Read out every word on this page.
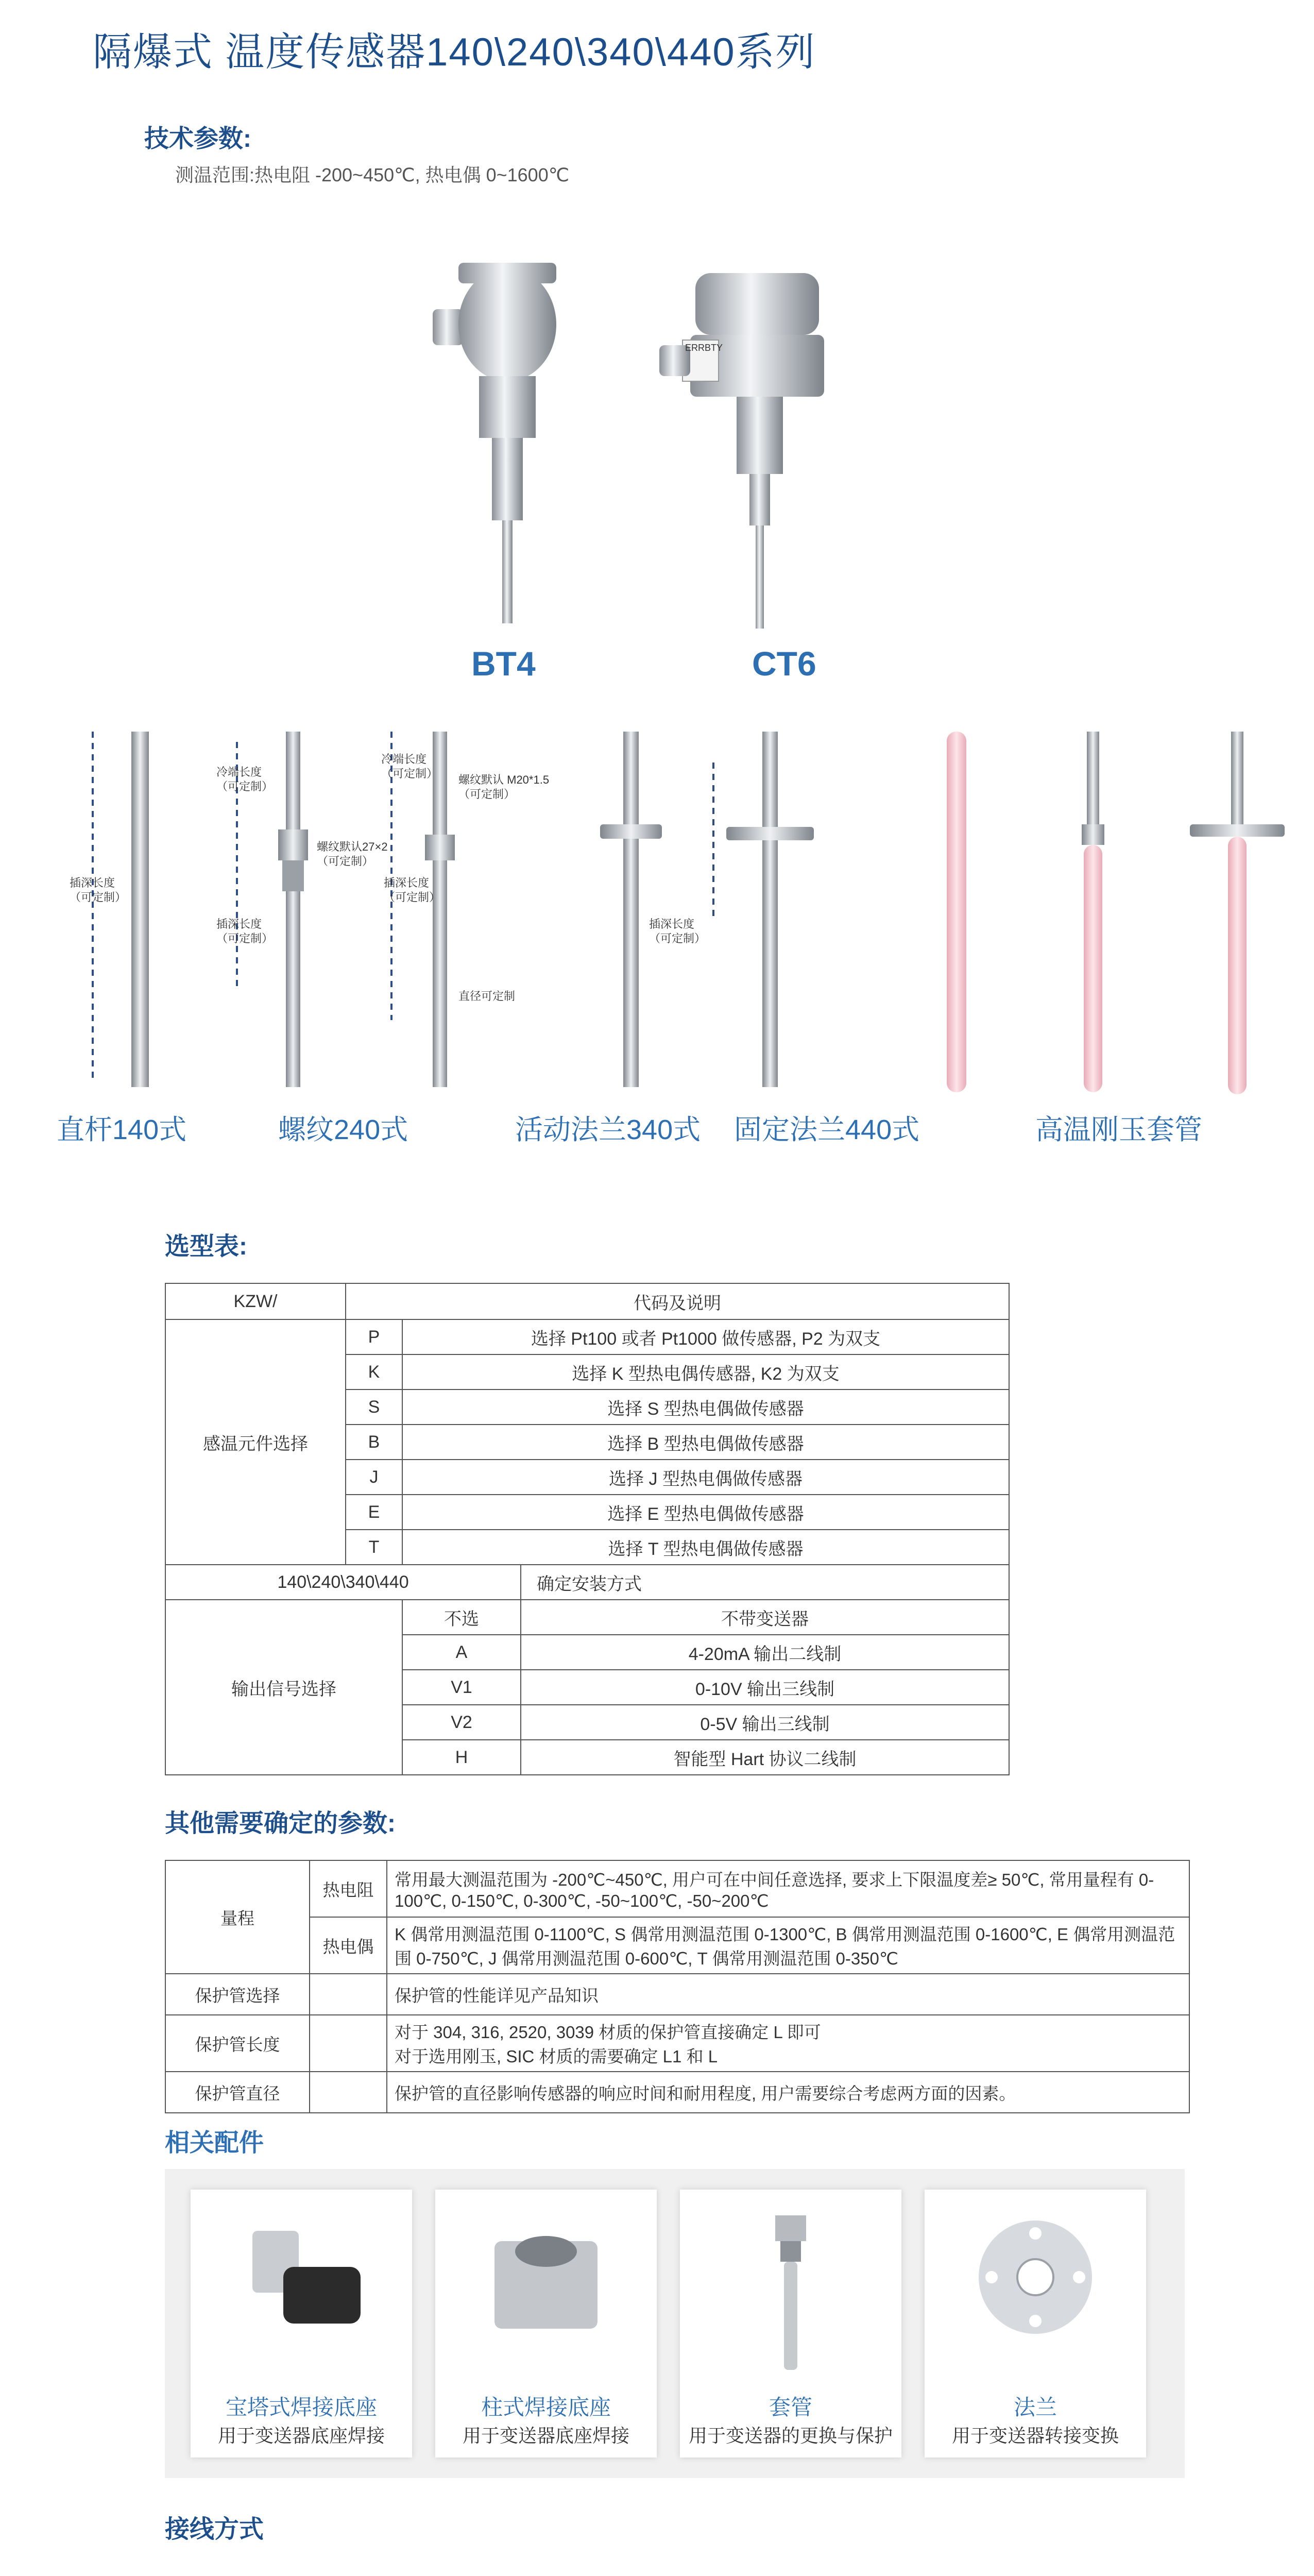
隔爆式 温度传感器140\240\340\440系列
技术参数:
测温范围:热电阻 -200~450℃, 热电偶 0~1600℃
ERRBTY
BT4	CT6
插深长度
（可定制）
冷端长度
（可定制）
插深长度
（可定制）
螺纹默认27×2
（可定制）
冷端长度
（可定制） 螺纹默认 M20*1.5
（可定制）
插深长度
（可定制）
直径可定制
插深长度
（可定制）
直杆140式	螺纹240式	活动法兰340式 固定法兰440式	高温刚玉套管
选型表:
KZW/	代码及说明		
感温元件选择	P	选择 Pt100 或者 Pt1000 做传感器, P2 为双支	
	K	选择 K 型热电偶传感器, K2 为双支	
	S	选择 S 型热电偶做传感器	
	B	选择 B 型热电偶做传感器	
	J	选择 J 型热电偶做传感器	
	E	选择 E 型热电偶做传感器	
	T	选择 T 型热电偶做传感器	
140\240\340\440			确定安装方式
输出信号选择		不选	不带变送器
		A	4-20mA 输出二线制
		V1	0-10V 输出三线制
		V2	0-5V 输出三线制
		H	智能型 Hart 协议二线制
其他需要确定的参数:
量程	热电阻	常用最大测温范围为 -200℃~450℃, 用户可在中间任意选择, 要求上下限温度差≥ 50℃, 常用量程有 0-100℃, 0-150℃, 0-300℃, -50~100℃, -50~200℃
	热电偶	K 偶常用测温范围 0-1100℃, S 偶常用测温范围 0-1300℃, B 偶常用测温范围 0-1600℃, E 偶常用测温范围 0-750℃, J 偶常用测温范围 0-600℃, T 偶常用测温范围 0-350℃
保护管选择		保护管的性能详见产品知识
保护管长度		对于 304, 316, 2520, 3039 材质的保护管直接确定 L 即可
对于选用刚玉, SIC 材质的需要确定 L1 和 L

保护管直径		保护管的直径影响传感器的响应时间和耐用程度, 用户需要综合考虑两方面的因素。
相关配件
宝塔式焊接底座
用于变送器底座焊接
柱式焊接底座
用于变送器底座焊接
套管
用于变送器的更换与保护
法兰
用于变送器转接变换
接线方式
